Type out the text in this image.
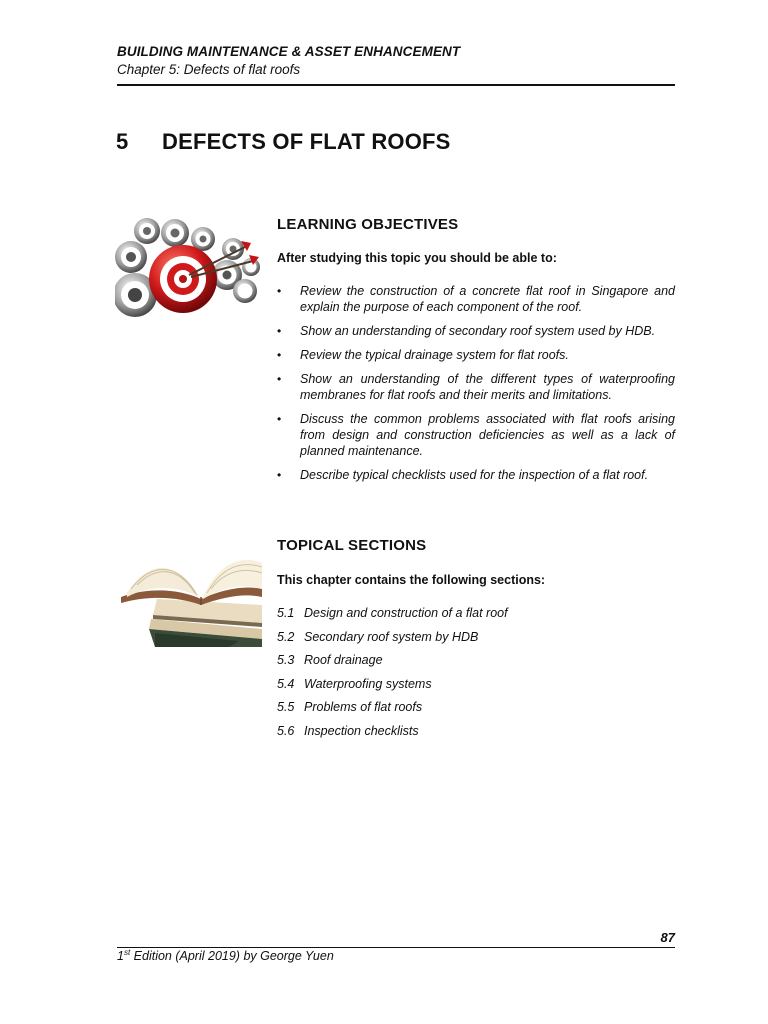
BUILDING MAINTENANCE & ASSET ENHANCEMENT
Chapter 5: Defects of flat roofs
5 DEFECTS OF FLAT ROOFS
LEARNING OBJECTIVES
After studying this topic you should be able to:
• Review the construction of a concrete flat roof in Singapore and explain the purpose of each component of the roof.
• Show an understanding of secondary roof system used by HDB.
• Review the typical drainage system for flat roofs.
• Show an understanding of the different types of waterproofing membranes for flat roofs and their merits and limitations.
• Discuss the common problems associated with flat roofs arising from design and construction deficiencies as well as a lack of planned maintenance.
• Describe typical checklists used for the inspection of a flat roof.
TOPICAL SECTIONS
This chapter contains the following sections:
5.1 Design and construction of a flat roof
5.2 Secondary roof system by HDB
5.3 Roof drainage
5.4 Waterproofing systems
5.5 Problems of flat roofs
5.6 Inspection checklists
87
1st Edition (April 2019) by George Yuen
